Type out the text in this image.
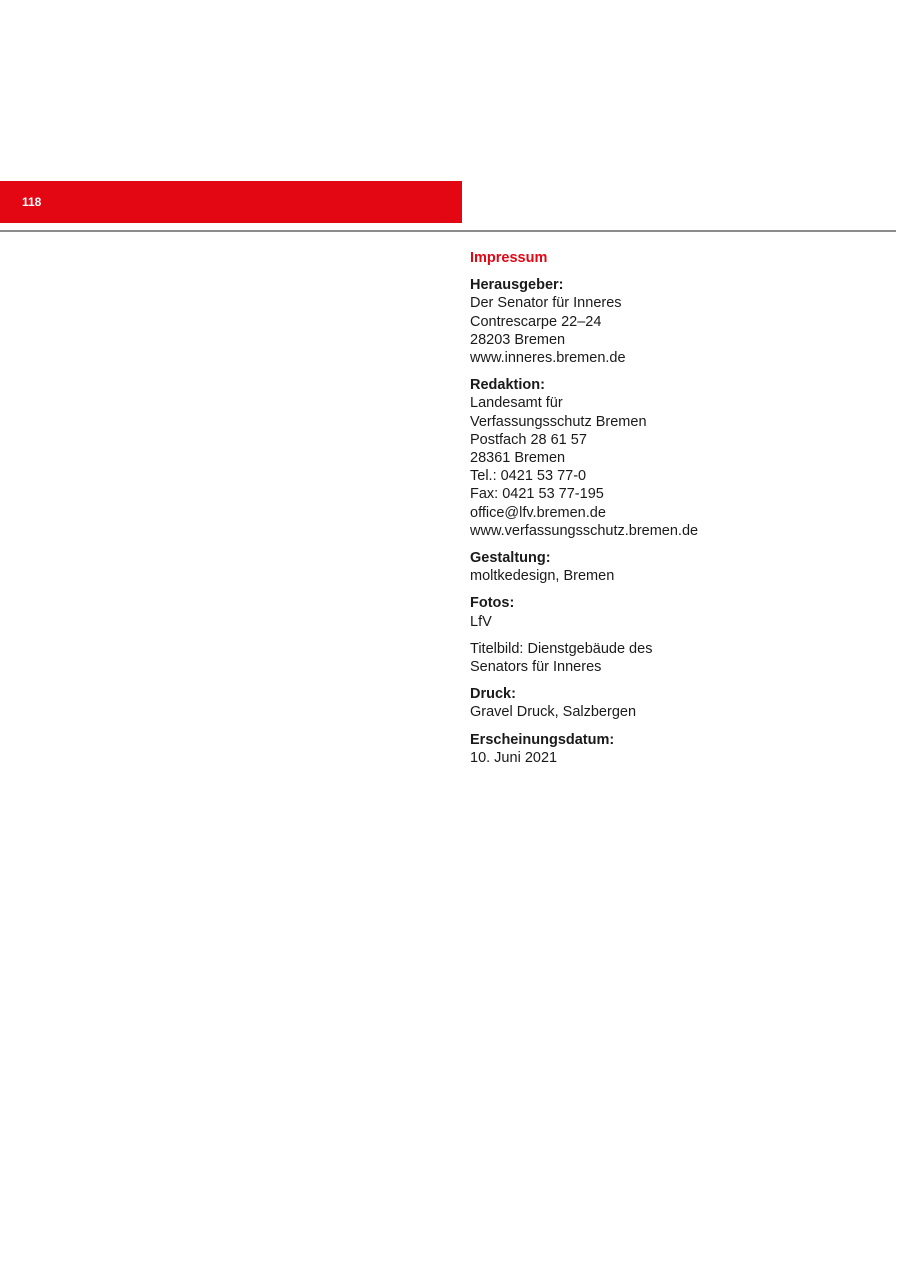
118
Impressum
Herausgeber:
Der Senator für Inneres
Contrescarpe 22–24
28203 Bremen
www.inneres.bremen.de
Redaktion:
Landesamt für
Verfassungsschutz Bremen
Postfach 28 61 57
28361 Bremen
Tel.: 0421 53 77-0
Fax: 0421 53 77-195
office@lfv.bremen.de
www.verfassungsschutz.bremen.de
Gestaltung:
moltkedesign, Bremen
Fotos:
LfV
Titelbild: Dienstgebäude des
Senators für Inneres
Druck:
Gravel Druck, Salzbergen
Erscheinungsdatum:
10. Juni 2021
